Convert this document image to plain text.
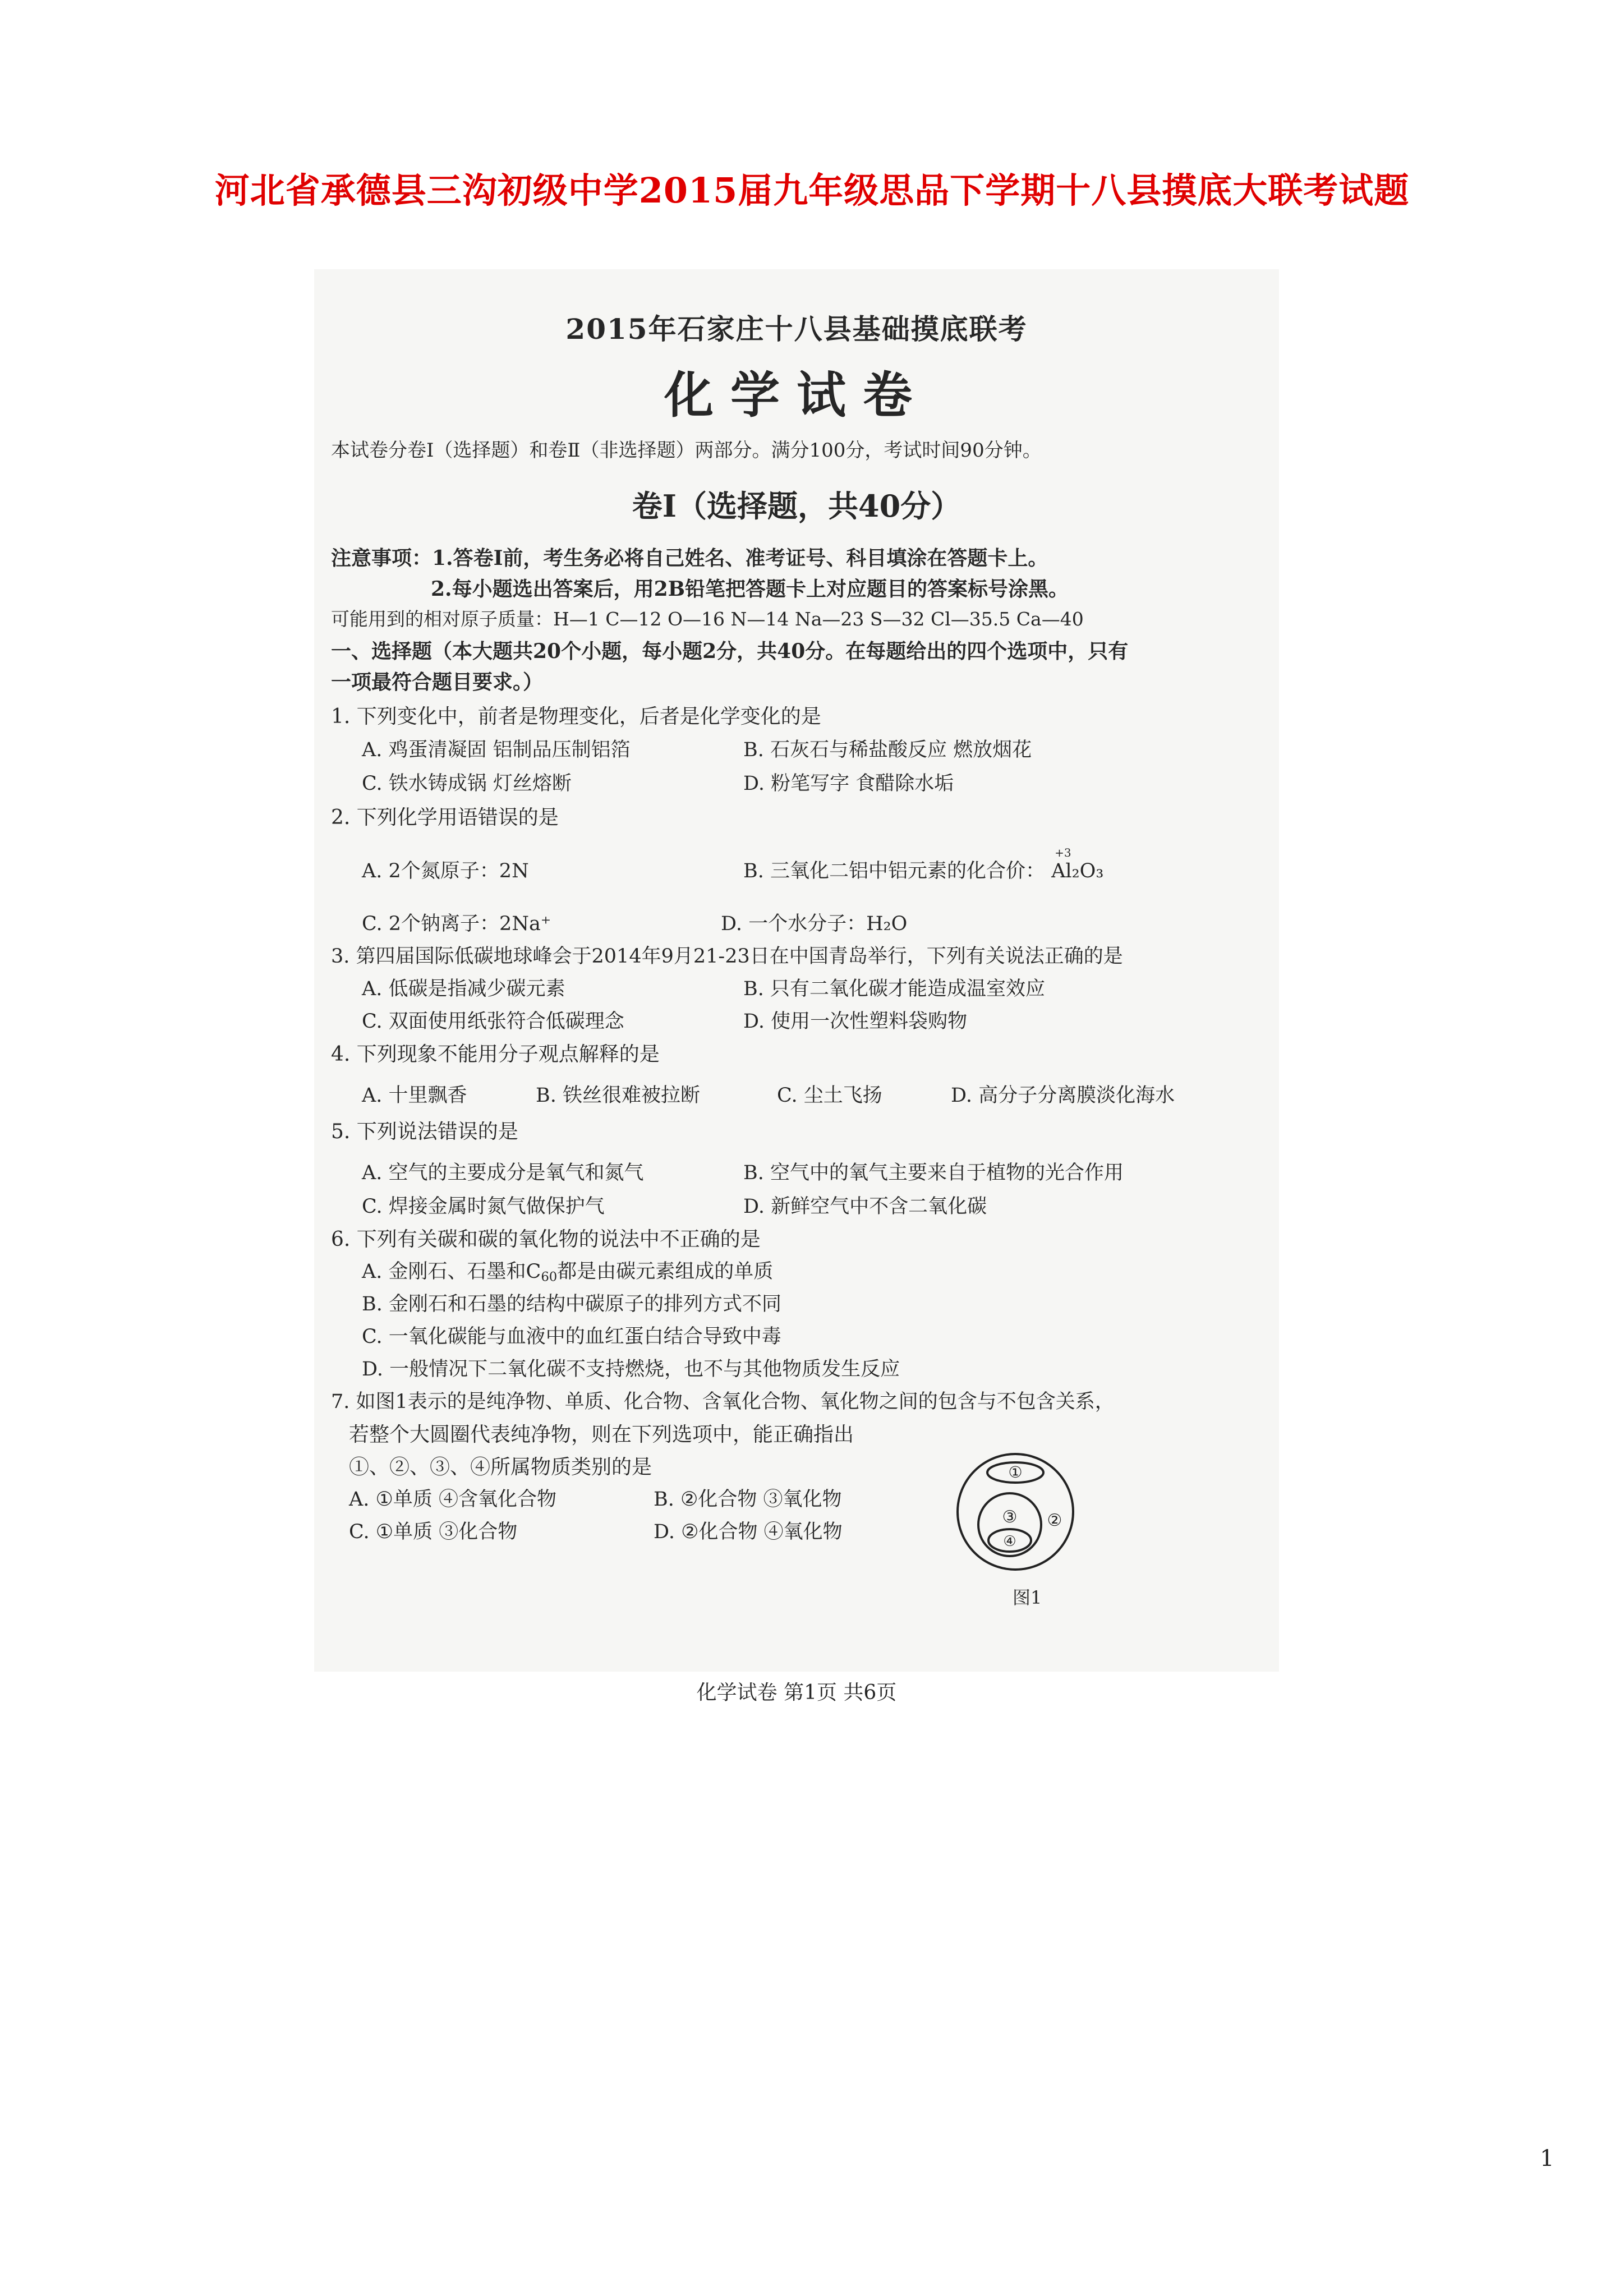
河北省承德县三沟初级中学2015届九年级思品下学期十八县摸底大联考试题
2015年石家庄十八县基础摸底联考
化学试卷
本试卷分卷Ⅰ（选择题）和卷Ⅱ（非选择题）两部分。满分100分，考试时间90分钟。
卷Ⅰ（选择题，共40分）
注意事项：1.答卷Ⅰ前，考生务必将自己姓名、准考证号、科目填涂在答题卡上。
2.每小题选出答案后，用2B铅笔把答题卡上对应题目的答案标号涂黑。
可能用到的相对原子质量：H—1 C—12 O—16 N—14 Na—23 S—32 Cl—35.5 Ca—40
一、选择题（本大题共20个小题，每小题2分，共40分。在每题给出的四个选项中，只有
一项最符合题目要求。）
1. 下列变化中，前者是物理变化，后者是化学变化的是
A. 鸡蛋清凝固 铝制品压制铝箔	B. 石灰石与稀盐酸反应 燃放烟花
C. 铁水铸成锅 灯丝熔断	D. 粉笔写字 食醋除水垢
2. 下列化学用语错误的是
A. 2个氮原子：2N	B. 三氧化二铝中铝元素的化合价：
+3
Al₂O₃
C. 2个钠离子：2Na⁺	D. 一个水分子：H₂O
3. 第四届国际低碳地球峰会于2014年9月21-23日在中国青岛举行，下列有关说法正确的是
A. 低碳是指减少碳元素	B. 只有二氧化碳才能造成温室效应
C. 双面使用纸张符合低碳理念	D. 使用一次性塑料袋购物
4. 下列现象不能用分子观点解释的是
A. 十里飘香	B. 铁丝很难被拉断	C. 尘土飞扬	D. 高分子分离膜淡化海水
5. 下列说法错误的是
A. 空气的主要成分是氧气和氮气	B. 空气中的氧气主要来自于植物的光合作用
C. 焊接金属时氮气做保护气	D. 新鲜空气中不含二氧化碳
6. 下列有关碳和碳的氧化物的说法中不正确的是
A. 金刚石、石墨和$C_{60}$都是由碳元素组成的单质
B. 金刚石和石墨的结构中碳原子的排列方式不同
C. 一氧化碳能与血液中的血红蛋白结合导致中毒
D. 一般情况下二氧化碳不支持燃烧，也不与其他物质发生反应
7. 如图1表示的是纯净物、单质、化合物、含氧化合物、氧化物之间的包含与不包含关系，
若整个大圆圈代表纯净物，则在下列选项中，能正确指出
①、②、③、④所属物质类别的是
A. ①单质 ④含氧化合物	B. ②化合物 ③氧化物
C. ①单质 ③化合物	D. ②化合物 ④氧化物
①
②
③
④
图1
化学试卷 第1页 共6页
1
